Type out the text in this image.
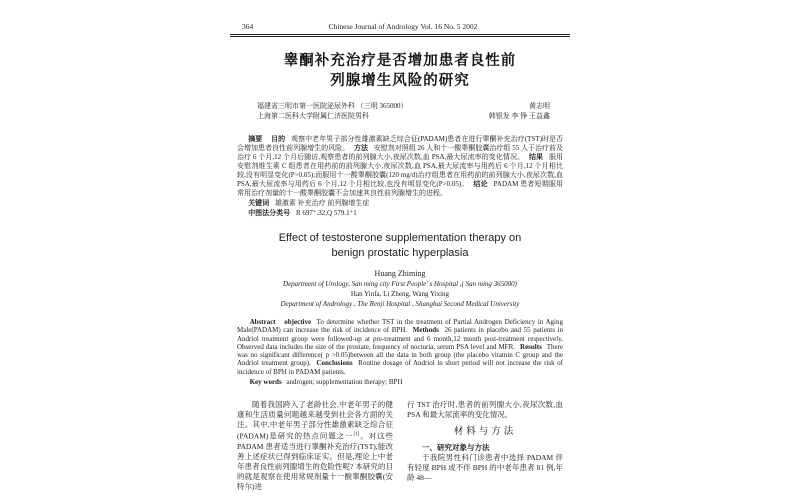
364	Chinese Journal of Andrology Vol. 16 No. 5 2002
睾酮补充治疗是否增加患者良性前
列腺增生风险的研究
福建省三明市第一医院泌尿外科 （三明 365000）	黄志明
上海第二医科大学附属仁济医院男科	韩银发 李 铮 王益鑫

摘要 目的 观察中老年男子部分性雄激素缺乏综合征(PADAM)患者在进行睾酮补充治疗(TST)时是否会增加患者良性前列腺增生的风险。 方法 安慰剂对照组 26 人和十一酸睾酮胶囊治疗组 55 人于治疗前及治疗 6 个月,12 个月后随访,观察患者的前列腺大小,夜尿次数,血 PSA,最大尿流率的变化情况。 结果 服用安慰剂维生素 C 组患者在用药前的前列腺大小,夜尿次数,血 PSA,最大尿流率与用药后 6 个月,12 个月相比较,没有明显变化(P>0.05);而服用十一酸睾酮胶囊(120 mg/d)治疗组患者在用药前的前列腺大小,夜尿次数,血 PSA,最大尿流率与用药后 6 个月,12 个月相比较,也没有明显变化(P>0.05)。 结论 PADAM 患者短期服用常用治疗剂量的十一酸睾酮胶囊不会加速其良性前列腺增生的进程。

关键词 雄激素 补充治疗 前列腺增生症
中图法分类号 R 697⁺.32,Q 579.1⁺1
Effect of testosterone supplementation therapy on
benign prostatic hyperplasia
Huang Zhiming
Department of Urology, San ming city First People' s Hospital ,( San ming 365000)
Han Yinfa, Li Zheng, Wang Yixing
Department of Andrology , The Renji Hospital , Shanghai Second Medical University

Abstract objective To determine whether TST in the treatment of Partial Androgen Deficiency in Aging Male(PADAM) can increase the risk of incidence of BPH. Methods 26 patients in placebo and 55 patients in Andriol treatment group were followed-up at pre-treatment and 6 month,12 month post-treatment respectively. Observed data includes the size of the prostate, frequency of nocturia, serum PSA level and MFR. Results There was no significant difference( p >0.05)between all the data in both group (the placebo vitamin C group and the Andriol treatment group). Conclusions Routine dosage of Andriol in short period will not increase the risk of incidence of BPH in PADAM patients.

Key words androgen; supplementation therapy; BPH

随着我国跨入了老龄社会,中老年男子的健康和生活质量问题越来越受到社会各方面的关注。其中,中老年男子部分性雄激素缺乏综合征(PADAM)是研究的热点问题之一[1]。对这些 PADAM 患者适当进行睾酮补充治疗(TST),能改善上述症状已得到临床证实。但是,理论上中老年患者良性前列腺增生的危险性呢? 本研究的目的就是观察在使用常规剂量十一酸睾酮胶囊(安特尔)进

行 TST 治疗时,患者的前列腺大小,夜尿次数,血 PSA 和最大尿流率的变化情况。

材料与方法

一、研究对象与方法

于我院男性科门诊患者中选择 PADAM 伴有轻度 BPH 或不伴 BPH 的中老年患者 81 例,年龄 48—
